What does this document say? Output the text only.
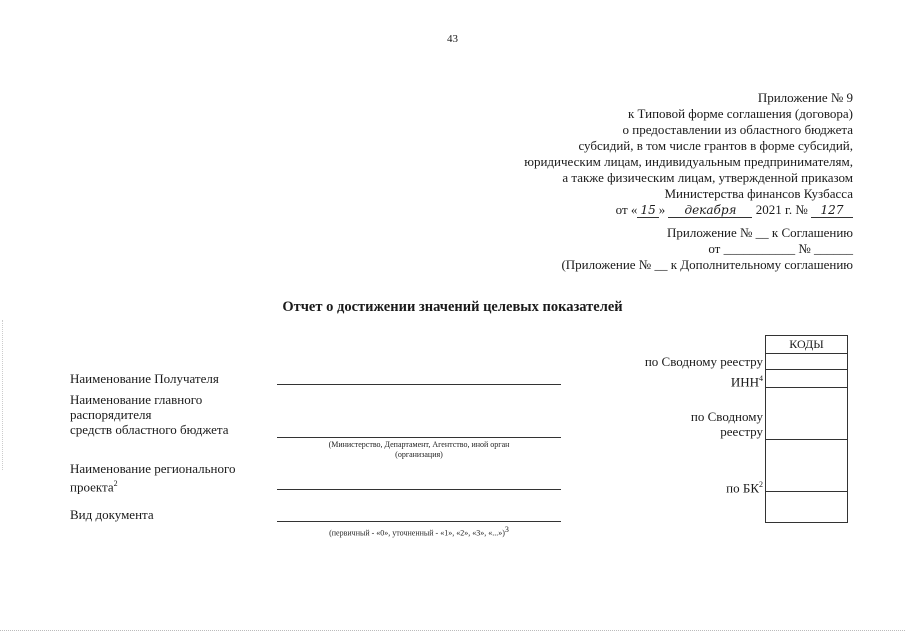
43
Приложение № 9
к Типовой форме соглашения (договора)
о предоставлении из областного бюджета
субсидий, в том числе грантов в форме субсидий,
юридическим лицам, индивидуальным предпринимателям,
а также физическим лицам, утвержденной приказом
Министерства финансов Кузбасса
от « 15 » декабря 2021 г. № 127
Приложение № __ к Соглашению
от ___________ № ______
(Приложение № __ к Дополнительному соглашению
Отчет о достижении значений целевых показателей
Наименование Получателя
Наименование главного
распорядителя
средств областного бюджета
(Министерство, Департамент, Агентство, иной орган
(организация)
Наименование регионального
проекта$^2$
Вид документа
(первичный - «0», уточненный - «1», «2», «3», «...»)$^3$
по Сводному реестру
ИНН$^4$
по Сводному
реестру
по $БК^2$
КОДЫ
